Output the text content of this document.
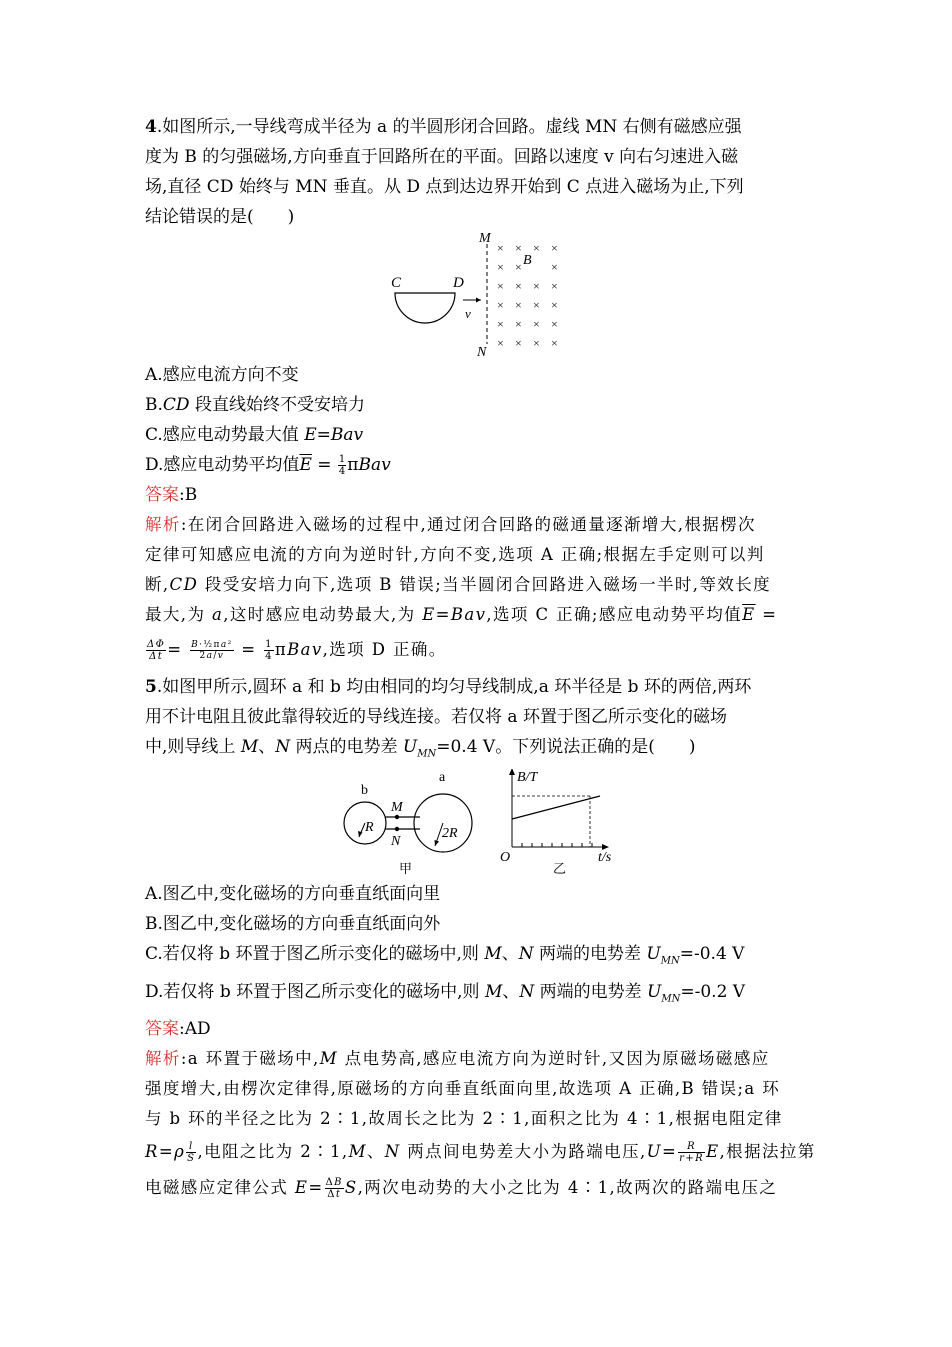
4.如图所示,一导线弯成半径为 a 的半圆形闭合回路。虚线 MN 右侧有磁感应强

度为 B 的匀强磁场,方向垂直于回路所在的平面。回路以速度 v 向右匀速进入磁

场,直径 CD 始终与 MN 垂直。从 D 点到达边界开始到 C 点进入磁场为止,下列

结论错误的是(　　)

M
N
C	D
v
× × × ×
× × ×
× × × ×
× × × ×
× × × ×
× × × ×
B

A.感应电流方向不变

B.CD 段直线始终不受安培力

C.感应电动势最大值 E=Bav

D.感应电动势平均值$\overline{E} = \frac{1}{4}$ πBav

答案:B

解析:在闭合回路进入磁场的过程中,通过闭合回路的磁通量逐渐增大,根据楞次

定律可知感应电流的方向为逆时针,方向不变,选项 A 正确;根据左手定则可以判

断,CD 段受安培力向下,选项 B 错误;当半圆闭合回路进入磁场一半时,等效长度

最大,为 a,这时感应电动势最大,为 E=Bav,选项 C 正确;感应电动势平均值$\overline{E}$ =

$\frac{\Delta\Phi}{\Delta t} = \frac{\text{B·½πa²}}{2a/v} = \frac{1}{4} \pi Bav$,选项 D 正确。

5.如图甲所示,圆环 a 和 b 均由相同的均匀导线制成,a 环半径是 b 环的两倍,两环

用不计电阻且彼此靠得较近的导线连接。若仅将 a 环置于图乙所示变化的磁场

中,则导线上 M、N 两点的电势差 $U_{MN}=0.4$ V。下列说法正确的是(　　)

b
R
M
N
a
2R
甲
B/T
t/s
O
乙

A.图乙中,变化磁场的方向垂直纸面向里

B.图乙中,变化磁场的方向垂直纸面向外

C.若仅将 b 环置于图乙所示变化的磁场中,则 M、N 两端的电势差 $U_{MN}=-0.4$ V

D.若仅将 b 环置于图乙所示变化的磁场中,则 M、N 两端的电势差 $U_{MN}=-0.2$ V

答案:AD

解析:a 环置于磁场中,M 点电势高,感应电流方向为逆时针,又因为原磁场磁感应

强度增大,由楞次定律得,原磁场的方向垂直纸面向里,故选项 A 正确,B 错误;a 环

与 b 环的半径之比为 2∶1,故周长之比为 2∶1,面积之比为 4∶1,根据电阻定律

$R=\rho \frac{l}{S}$ ,电阻之比为 2∶1,M、N 两点间电势差大小为路端电压$,U= \frac{R}{r+R} E$,根据法拉第

电磁感应定律公式 $E= \frac{\Delta B}{\Delta t} S$,两次电动势的大小之比为 4∶1,故两次的路端电压之
